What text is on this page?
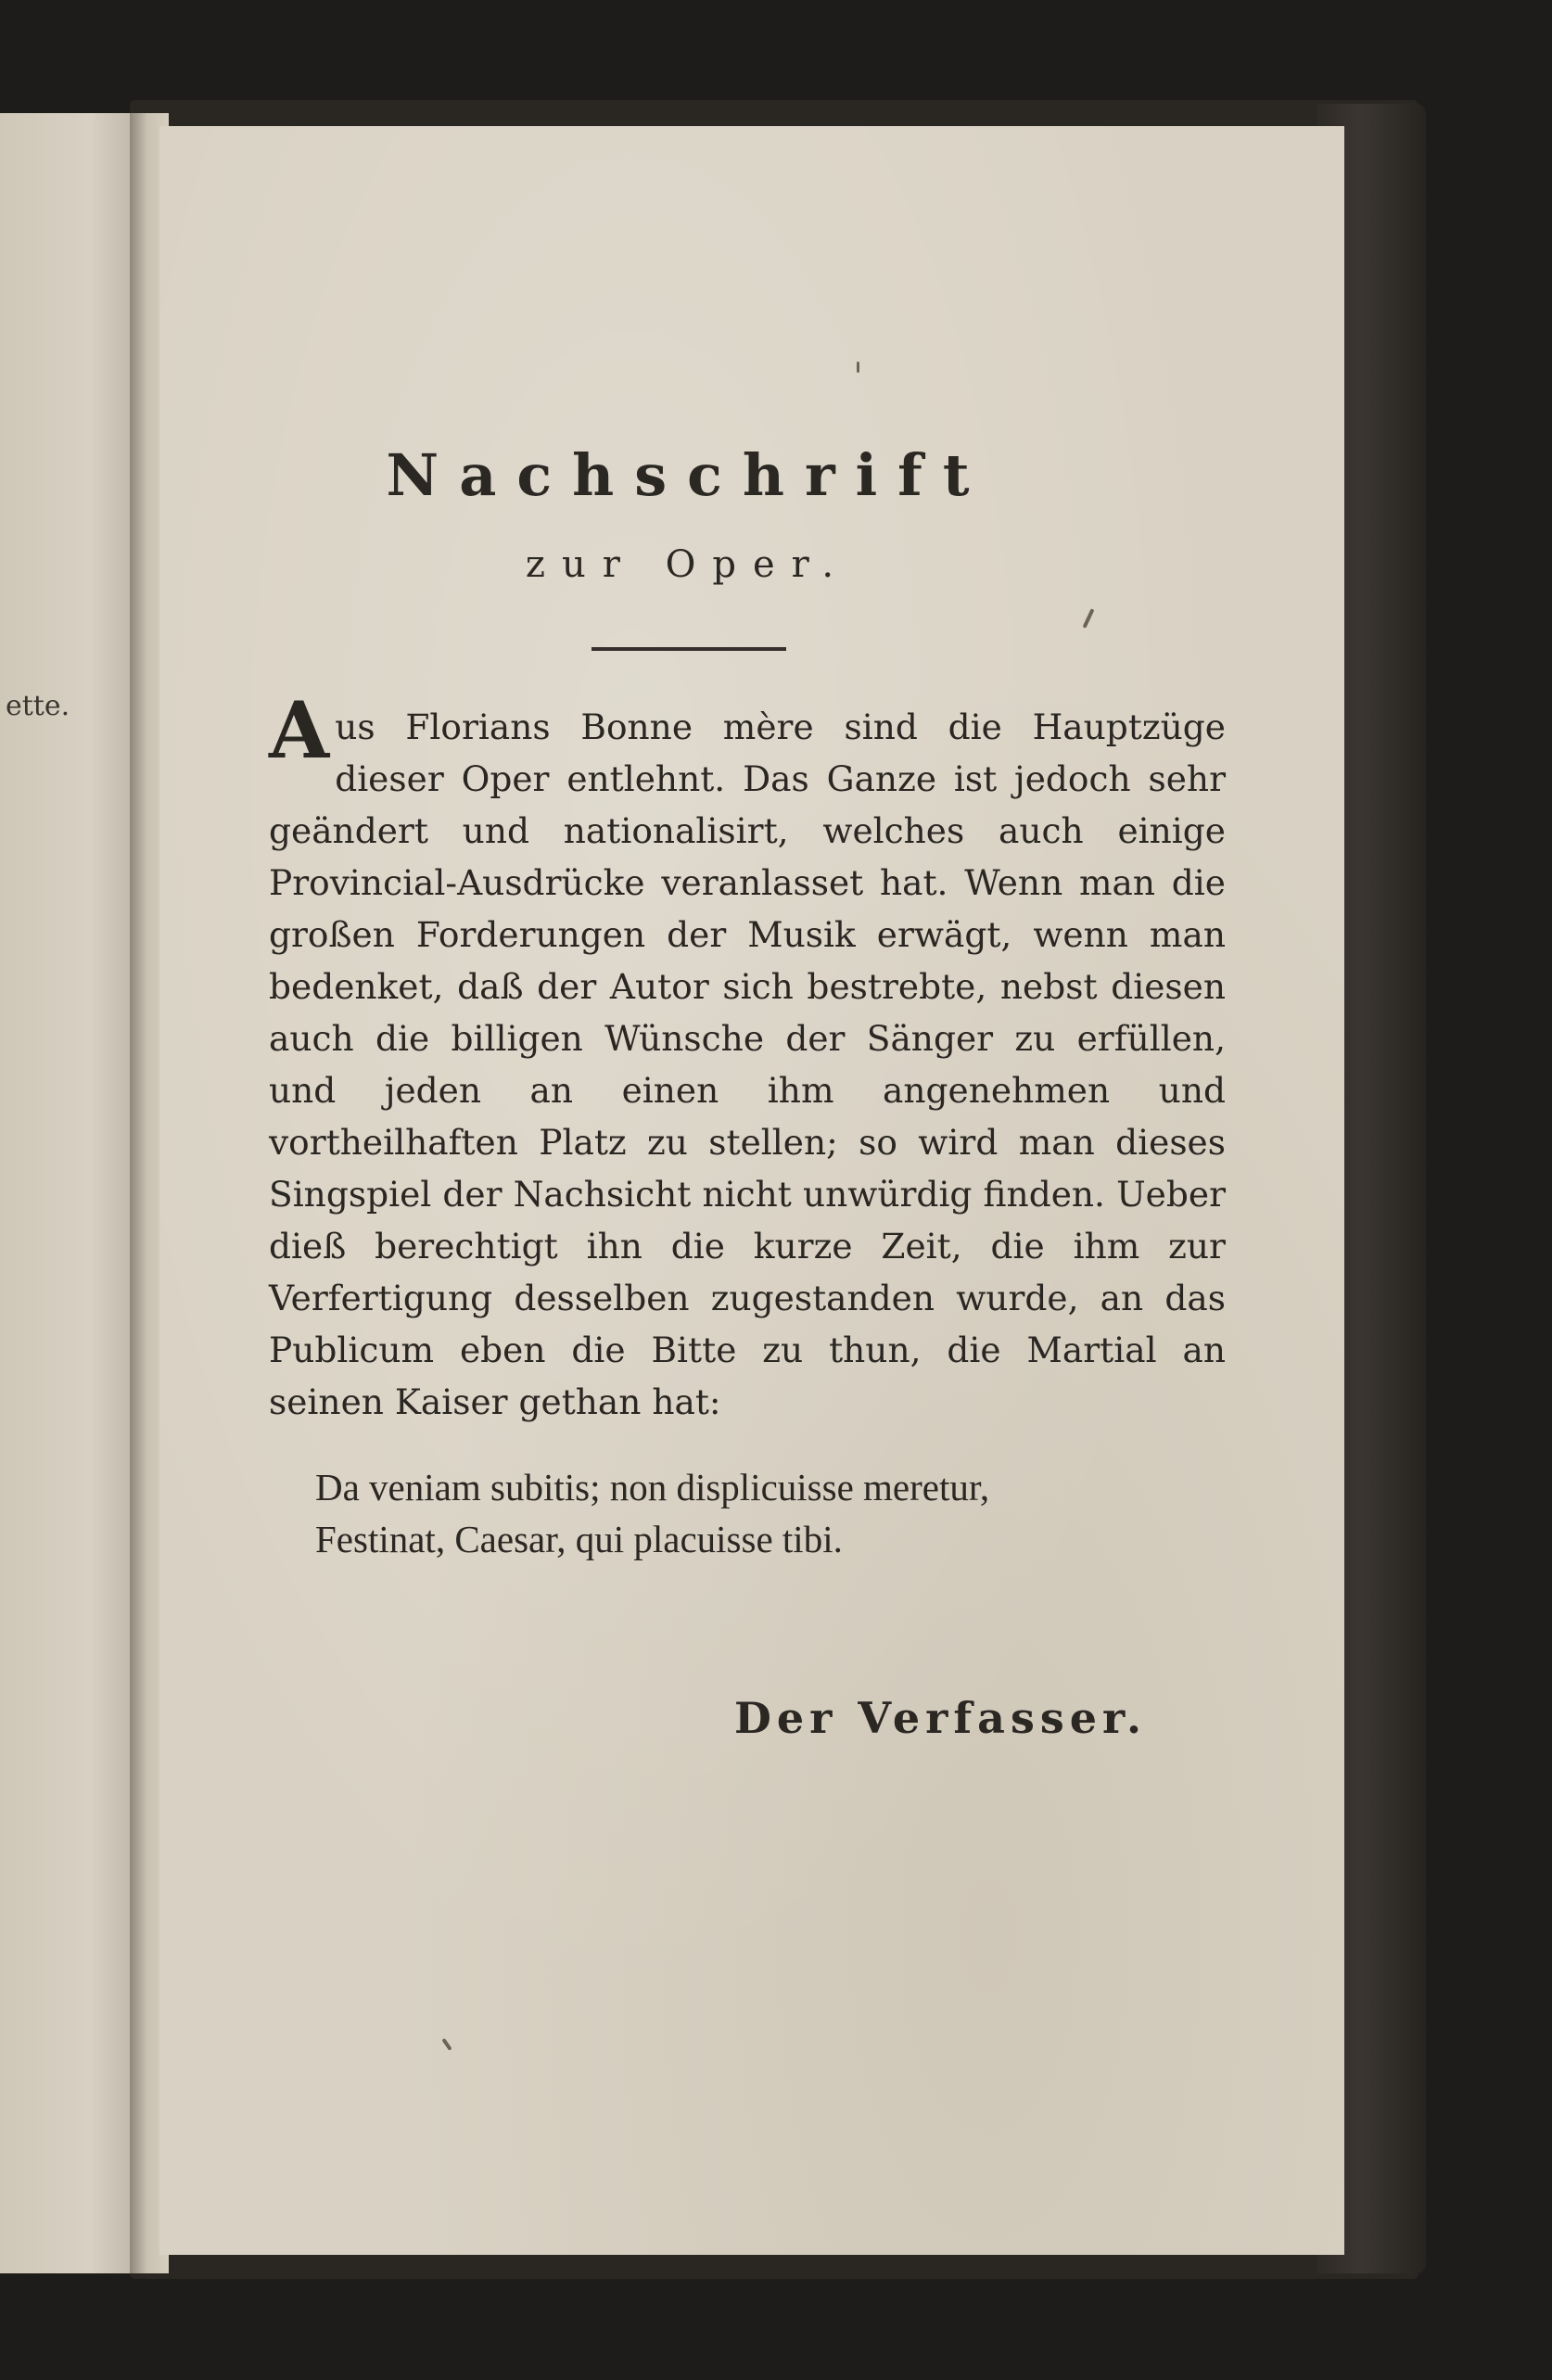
ette.
Nachschrift
zur Oper.
Aus Florians Bonne mère sind die Hauptzüge dieser Oper entlehnt. Das Ganze ist jedoch sehr geändert und nationalisirt, welches auch einige Provincial-Ausdrücke veranlasset hat. Wenn man die großen Forderungen der Musik erwägt, wenn man bedenket, daß der Autor sich bestrebte, nebst diesen auch die billigen Wünsche der Sänger zu erfüllen, und jeden an einen ihm angenehmen und vortheilhaften Platz zu stellen; so wird man dieses Singspiel der Nachsicht nicht unwürdig finden. Ueber dieß berechtigt ihn die kurze Zeit, die ihm zur Verfertigung desselben zugestanden wurde, an das Publicum eben die Bitte zu thun, die Martial an seinen Kaiser gethan hat:
Da veniam subitis; non displicuisse meretur,
Festinat, Caesar, qui placuisse tibi.
Der Verfasser.
